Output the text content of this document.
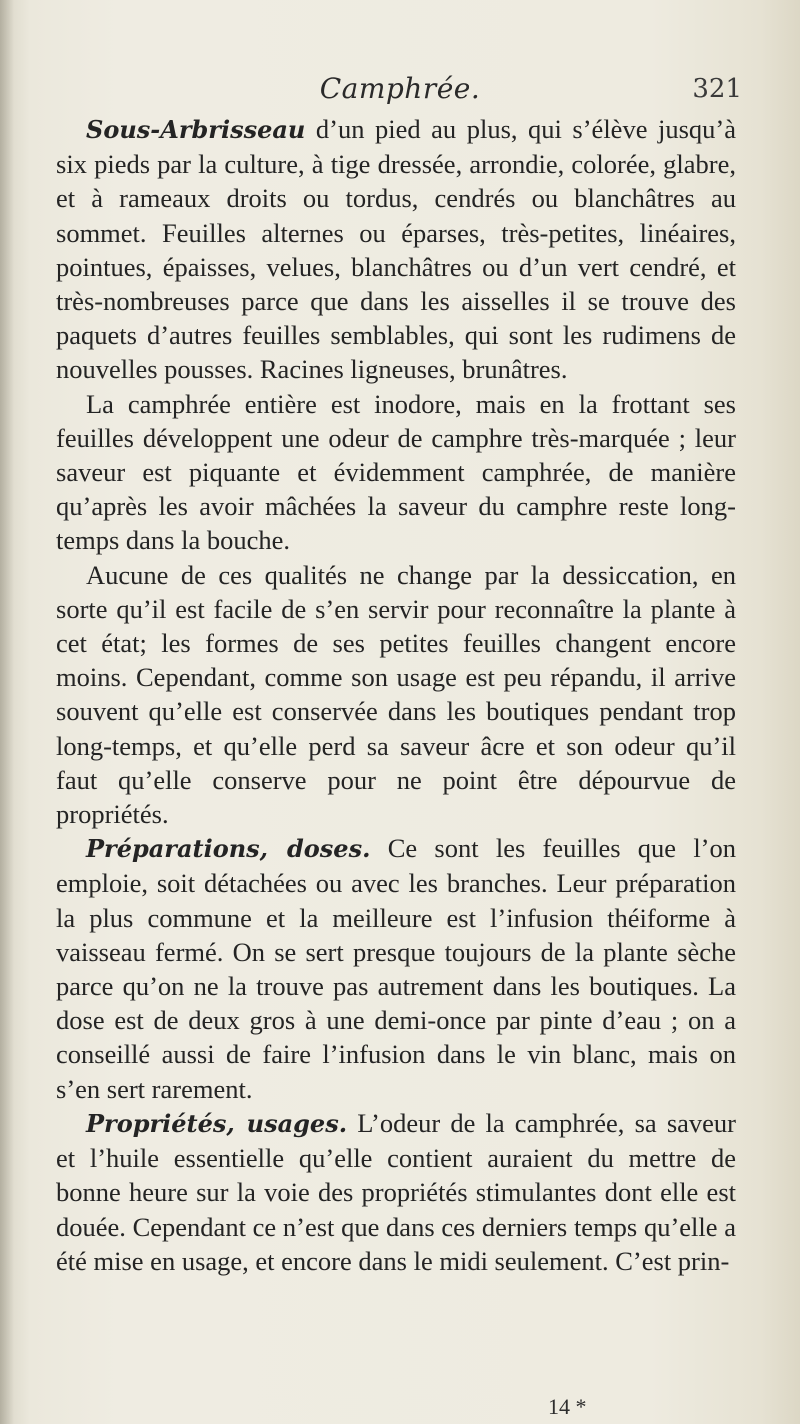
Camphrée.	321

Sous-Arbrisseau d’un pied au plus, qui s’élève jusqu’à six pieds par la culture, à tige dressée, arrondie, colorée, glabre, et à rameaux droits ou tordus, cendrés ou blanchâtres au sommet. Feuilles alternes ou éparses, très-petites, linéaires, pointues, épaisses, velues, blanchâtres ou d’un vert cendré, et très-nombreuses parce que dans les aisselles il se trouve des paquets d’autres feuilles semblables, qui sont les rudimens de nouvelles pousses. Racines ligneuses, brunâtres.

La camphrée entière est inodore, mais en la frottant ses feuilles développent une odeur de camphre très-marquée ; leur saveur est piquante et évidemment camphrée, de manière qu’après les avoir mâchées la saveur du camphre reste long-temps dans la bouche.

Aucune de ces qualités ne change par la dessiccation, en sorte qu’il est facile de s’en servir pour reconnaître la plante à cet état; les formes de ses petites feuilles changent encore moins. Cependant, comme son usage est peu répandu, il arrive souvent qu’elle est conservée dans les boutiques pendant trop long-temps, et qu’elle perd sa saveur âcre et son odeur qu’il faut qu’elle conserve pour ne point être dépourvue de propriétés.

Préparations, doses. Ce sont les feuilles que l’on emploie, soit détachées ou avec les branches. Leur préparation la plus commune et la meilleure est l’infusion théiforme à vaisseau fermé. On se sert presque toujours de la plante sèche parce qu’on ne la trouve pas autrement dans les boutiques. La dose est de deux gros à une demi-once par pinte d’eau ; on a conseillé aussi de faire l’infusion dans le vin blanc, mais on s’en sert rarement.

Propriétés, usages. L’odeur de la camphrée, sa saveur et l’huile essentielle qu’elle contient auraient du mettre de bonne heure sur la voie des propriétés stimulantes dont elle est douée. Cependant ce n’est que dans ces derniers temps qu’elle a été mise en usage, et encore dans le midi seulement. C’est prin-

14 *
